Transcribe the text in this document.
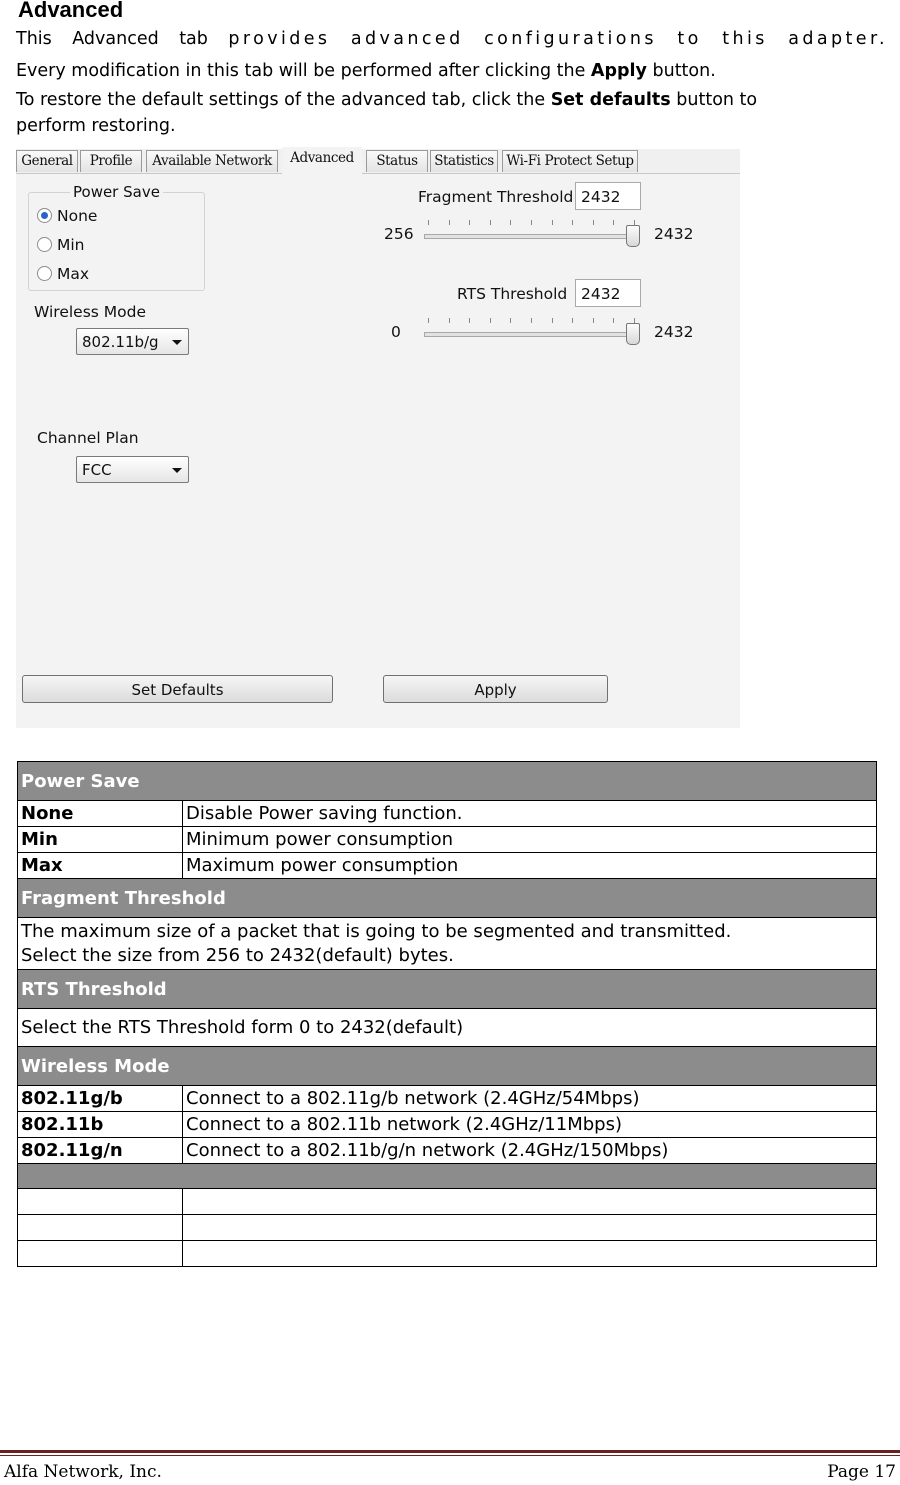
Advanced
This Advanced tab provides advanced configurations to this adapter.
Every modification in this tab will be performed after clicking the Apply button.
To restore the default settings of the advanced tab, click the Set defaults button to
perform restoring.
General	Profile	Available Network	Advanced	Status	Statistics Wi-Fi Protect Setup
Power Save
None
Min
Max
Wireless Mode
802.11b/g
Channel Plan
FCC
Fragment Threshold 2432
256	2432
RTS Threshold 2432
0	2432
Set Defaults	Apply
Power Save	
None	Disable Power saving function.
Min	Minimum power consumption
Max	Maximum power consumption
Fragment Threshold	
The maximum size of a packet that is going to be segmented and transmitted.
Select the size from 256 to 2432(default) bytes.	
RTS Threshold	
Select the RTS Threshold form 0 to 2432(default)	
Wireless Mode	
802.11g/b	Connect to a 802.11g/b network (2.4GHz/54Mbps)
802.11b	Connect to a 802.11b network (2.4GHz/11Mbps)
802.11g/n	Connect to a 802.11b/g/n network (2.4GHz/150Mbps)

Alfa Network, Inc.	Page 17
